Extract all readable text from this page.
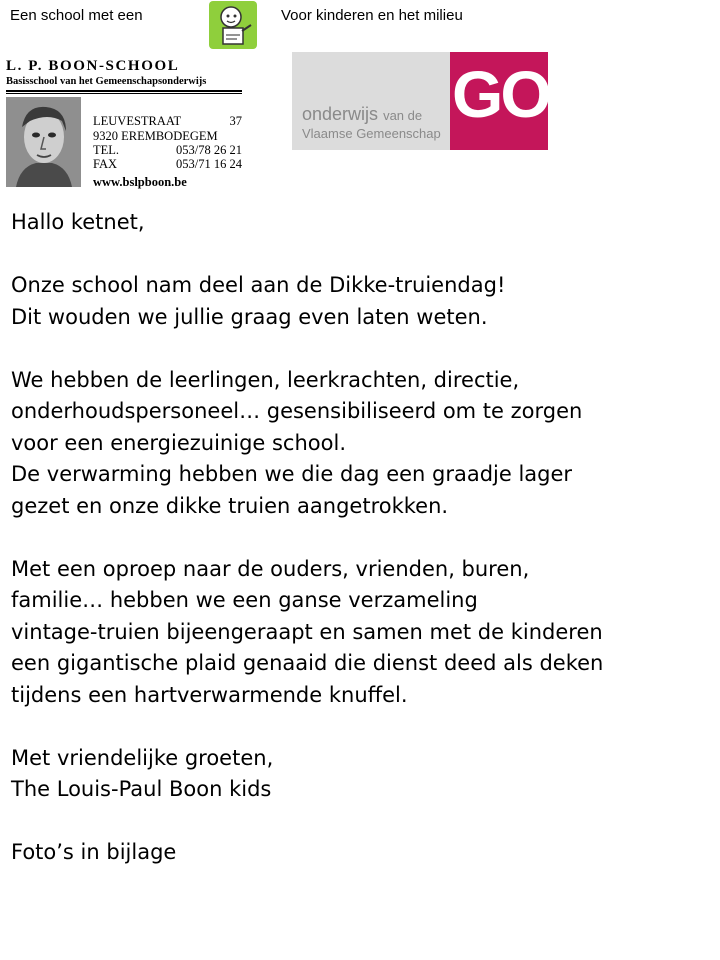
Een school met een	Voor kinderen en het milieu
L. P. BOON-SCHOOL
Basisschool van het Gemeenschapsonderwijs
LEUVESTRAAT	37
9320 EREMBODEGEM
TEL.	053/78 26 21
FAX	053/71 16 24
www.bslpboon.be
onderwijs van de
Vlaamse Gemeenschap
GO!

Hallo ketnet,

Onze school nam deel aan de Dikke-truiendag!
Dit wouden we jullie graag even laten weten.

We hebben de leerlingen, leerkrachten, directie,
onderhoudspersoneel… gesensibiliseerd om te zorgen
voor een energiezuinige school.
De verwarming hebben we die dag een graadje lager
gezet en onze dikke truien aangetrokken.

Met een oproep naar de ouders, vrienden, buren,
familie… hebben we een ganse verzameling
vintage-truien bijeengeraapt en samen met de kinderen
een gigantische plaid genaaid die dienst deed als deken
tijdens een hartverwarmende knuffel.

Met vriendelijke groeten,
The Louis-Paul Boon kids

Foto’s in bijlage
